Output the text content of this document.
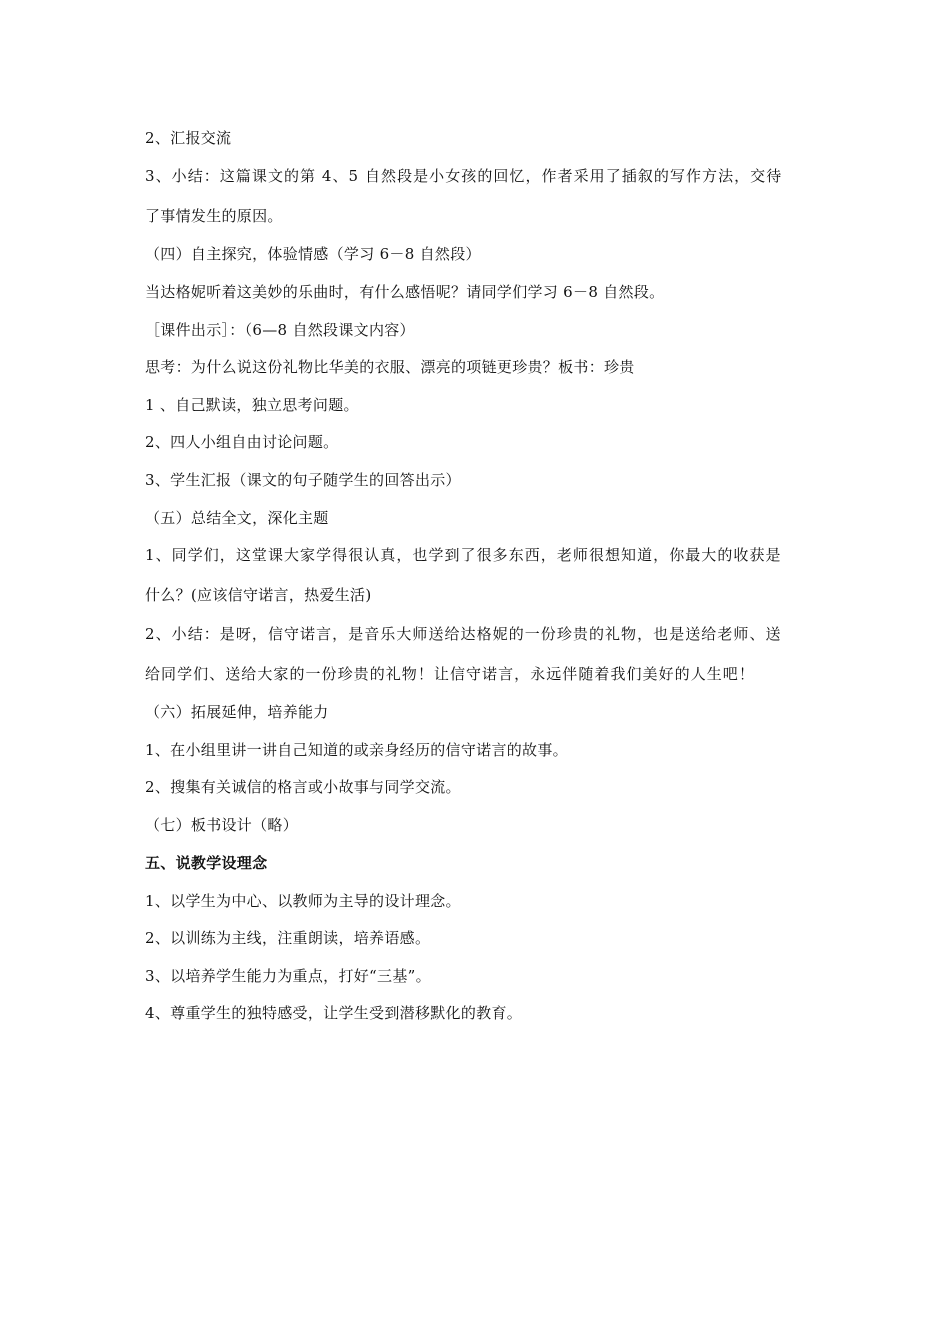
2、汇报交流
3、小结：这篇课文的第 4、5 自然段是小女孩的回忆，作者采用了插叙的写作方法，交待
了事情发生的原因。
（四）自主探究，体验情感（学习 6－8 自然段）
当达格妮听着这美妙的乐曲时，有什么感悟呢？请同学们学习 6－8 自然段。
［课件出示］：（6—8 自然段课文内容）
思考：为什么说这份礼物比华美的衣服、漂亮的项链更珍贵？板书：珍贵
1 、自己默读，独立思考问题。
2、四人小组自由讨论问题。
3、学生汇报（课文的句子随学生的回答出示）
（五）总结全文，深化主题
1、同学们，这堂课大家学得很认真，也学到了很多东西，老师很想知道，你最大的收获是
什么？(应该信守诺言，热爱生活)
2、小结：是呀，信守诺言，是音乐大师送给达格妮的一份珍贵的礼物，也是送给老师、送
给同学们、送给大家的一份珍贵的礼物！让信守诺言，永远伴随着我们美好的人生吧！
（六）拓展延伸，培养能力
1、在小组里讲一讲自己知道的或亲身经历的信守诺言的故事。
2、搜集有关诚信的格言或小故事与同学交流。
（七）板书设计（略）
五、说教学设理念
1、以学生为中心、以教师为主导的设计理念。
2、以训练为主线，注重朗读，培养语感。
3、以培养学生能力为重点，打好“三基”。
4、尊重学生的独特感受，让学生受到潜移默化的教育。
